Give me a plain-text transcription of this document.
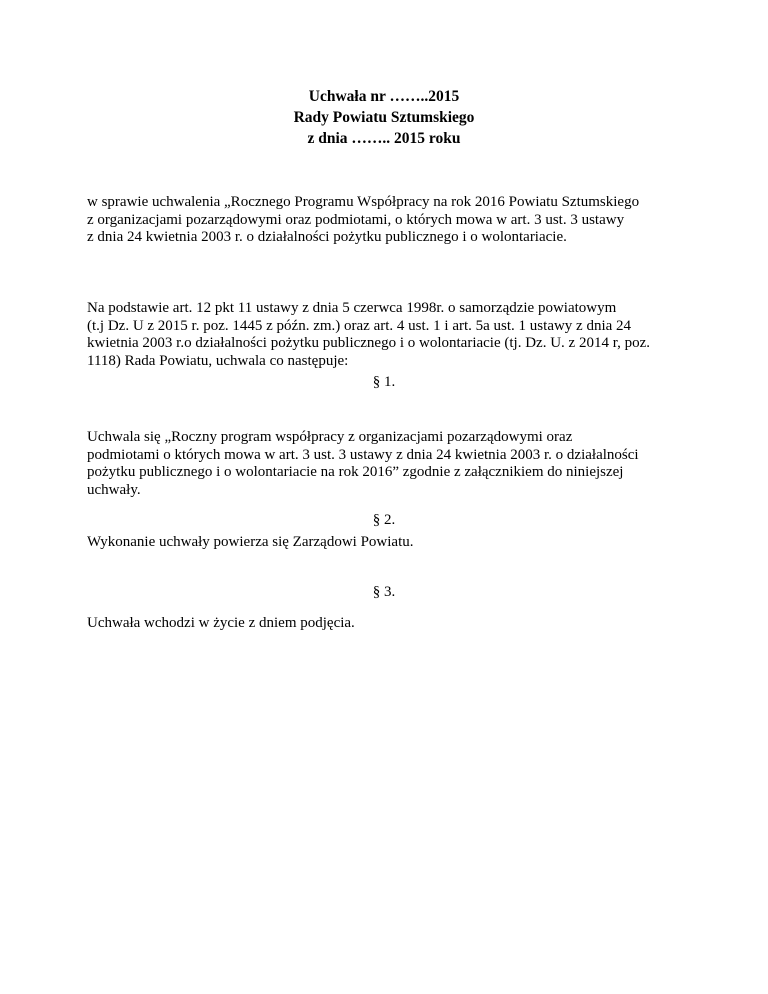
Uchwała nr ……..2015
Rady Powiatu Sztumskiego
z dnia …….. 2015 roku
w sprawie uchwalenia „Rocznego Programu Współpracy na rok 2016 Powiatu Sztumskiego
z organizacjami pozarządowymi oraz podmiotami, o których mowa w art. 3 ust. 3 ustawy
z dnia 24 kwietnia 2003 r. o działalności pożytku publicznego i o wolontariacie.
Na podstawie art. 12 pkt 11 ustawy z dnia 5 czerwca 1998r. o samorządzie powiatowym
(t.j Dz. U z 2015 r. poz. 1445 z późn. zm.) oraz art. 4 ust. 1 i art. 5a ust. 1 ustawy z dnia 24
kwietnia 2003 r.o działalności pożytku publicznego i o wolontariacie (tj. Dz. U. z 2014 r, poz.
1118) Rada Powiatu, uchwala co następuje:
§ 1.
Uchwala się „Roczny program współpracy z organizacjami pozarządowymi oraz
podmiotami o których mowa w art. 3 ust. 3 ustawy z dnia 24 kwietnia 2003 r. o działalności
pożytku publicznego i o wolontariacie na rok 2016” zgodnie z załącznikiem do niniejszej
uchwały.
§ 2.
Wykonanie uchwały powierza się Zarządowi Powiatu.
§ 3.
Uchwała wchodzi w życie z dniem podjęcia.
